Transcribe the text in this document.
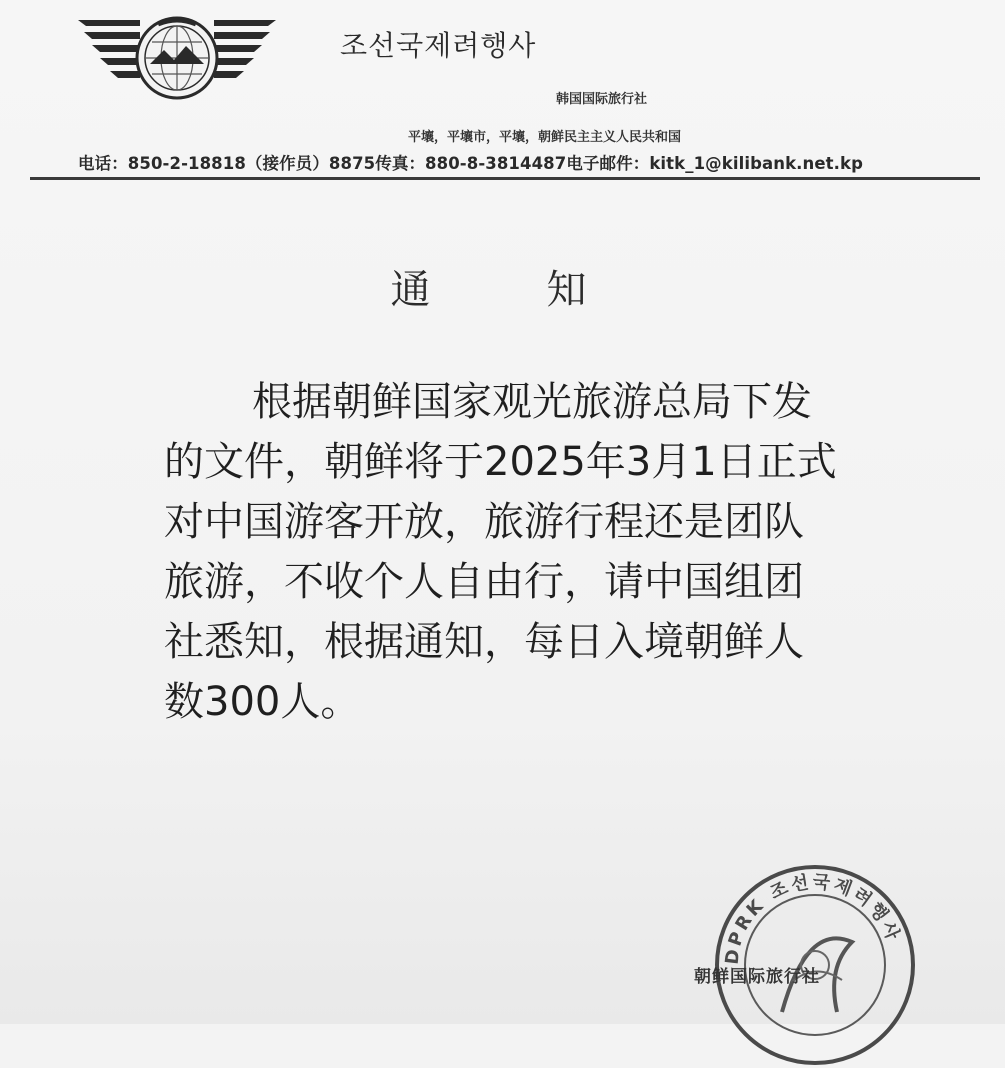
조선국제려행사
韩国国际旅行社
平壤，平壤市，平壤，朝鲜民主主义人民共和国
电话：850-2-18818（接作员）8875传真：880-8-3814487电子邮件：kitk_1@kilibank.net.kp
通　知
根据朝鲜国家观光旅游总局下发
的文件，朝鲜将于2025年3月1日正式
对中国游客开放，旅游行程还是团队
旅游，不收个人自由行，请中国组团
社悉知，根据通知，每日入境朝鲜人
数300人。
DPRK 조선국제려행사
朝鲜国际旅行社
